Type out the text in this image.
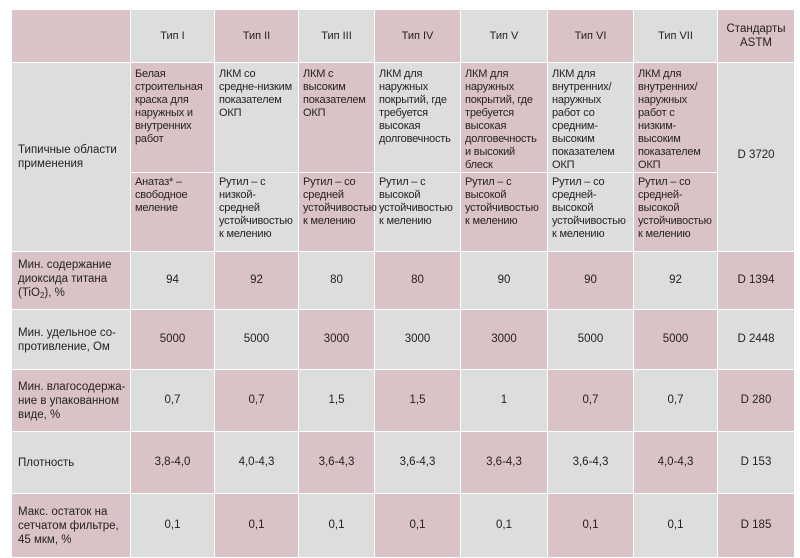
	Тип I	Тип II	Тип III	Тип IV	Тип V	Тип VI	Тип VII	Стандарты ASTM
Типичные области применения	Белая строительная краска для наружных и внутренних работ	ЛКМ со средне-низким показателем ОКП	ЛКМ с высоким показателем ОКП	ЛКМ для наружных покрытий, где требуется высокая долговечность	ЛКМ для наружных покрытий, где требуется высокая долговечность и высокий блеск	ЛКМ для внутренних/ наружных работ со средним-высоким показателем ОКП	ЛКМ для внутренних/ наружных работ с низким-высоким показателем ОКП	D 3720
	Анатаз* – свободное меление	Рутил – с низкой-средней устойчивостью к мелению	Рутил – со средней устойчивостью к мелению	Рутил – с высокой устойчивостью к мелению	Рутил – с высокой устойчивостью к мелению	Рутил – со средней-высокой устойчивостью к мелению	Рутил – со средней-высокой устойчивостью к мелению	
Мин. содержание диоксида титана (TiO$_2$), %	94	92	80	80	90	90	92	D 1394
Мин. удельное со-противление, Ом	5000	5000	3000	3000	3000	5000	5000	D 2448
Мин. влагосодержа-ние в упакованном виде, %	0,7	0,7	1,5	1,5	1	0,7	0,7	D 280
Плотность	3,8-4,0	4,0-4,3	3,6-4,3	3,6-4,3	3,6-4,3	3,6-4,3	4,0-4,3	D 153
Макс. остаток на сетчатом фильтре, 45 мкм, %	0,1	0,1	0,1	0,1	0,1	0,1	0,1	D 185
